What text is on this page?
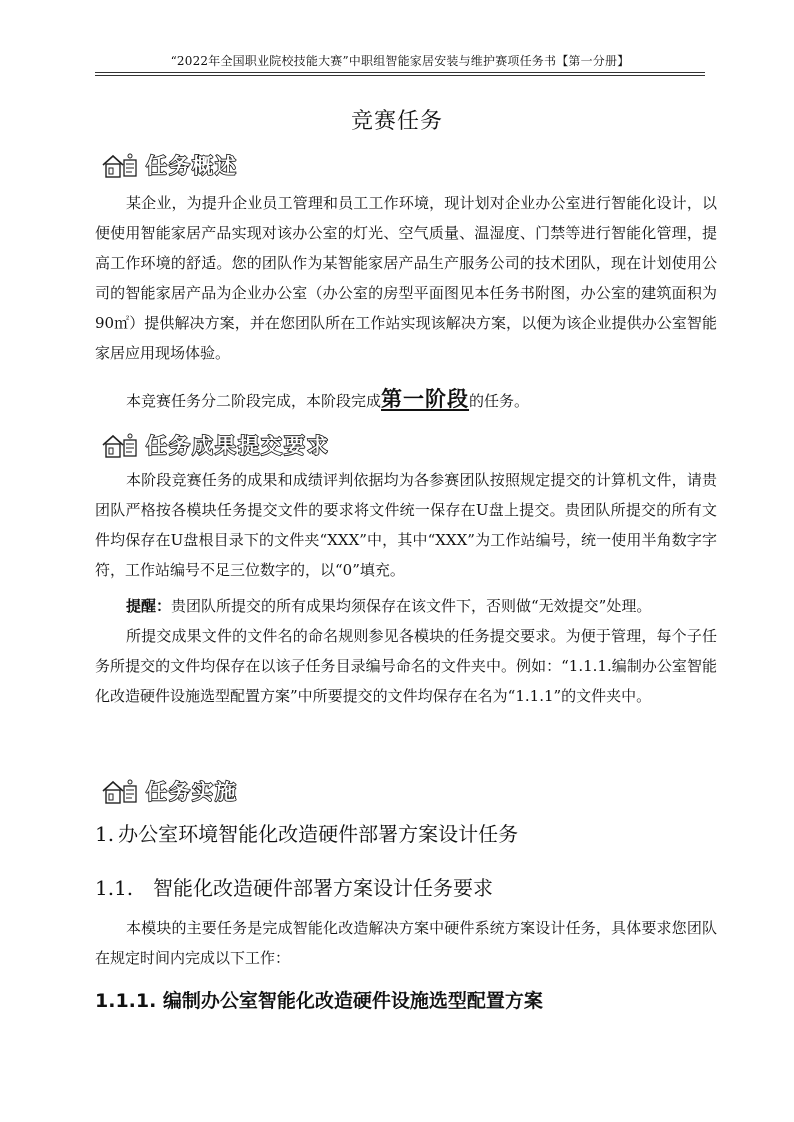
“2022年全国职业院校技能大赛”中职组智能家居安装与维护赛项任务书【第一分册】
竞赛任务
任务概述

某企业，为提升企业员工管理和员工工作环境，现计划对企业办公室进行智能化设计，以便使用智能家居产品实现对该办公室的灯光、空气质量、温湿度、门禁等进行智能化管理，提高工作环境的舒适。您的团队作为某智能家居产品生产服务公司的技术团队，现在计划使用公司的智能家居产品为企业办公室（办公室的房型平面图见本任务书附图，办公室的建筑面积为90㎡）提供解决方案，并在您团队所在工作站实现该解决方案，以便为该企业提供办公室智能家居应用现场体验。

本竞赛任务分二阶段完成，本阶段完成第一阶段的任务。

任务成果提交要求

本阶段竞赛任务的成果和成绩评判依据均为各参赛团队按照规定提交的计算机文件，请贵团队严格按各模块任务提交文件的要求将文件统一保存在U盘上提交。贵团队所提交的所有文件均保存在U盘根目录下的文件夹“XXX”中，其中“XXX”为工作站编号，统一使用半角数字字符，工作站编号不足三位数字的，以“0”填充。

提醒：贵团队所提交的所有成果均须保存在该文件下，否则做“无效提交”处理。

所提交成果文件的文件名的命名规则参见各模块的任务提交要求。为便于管理，每个子任务所提交的文件均保存在以该子任务目录编号命名的文件夹中。例如：“1.1.1.编制办公室智能化改造硬件设施选型配置方案”中所要提交的文件均保存在名为“1.1.1”的文件夹中。

任务实施
1. 办公室环境智能化改造硬件部署方案设计任务
1.1. 智能化改造硬件部署方案设计任务要求

本模块的主要任务是完成智能化改造解决方案中硬件系统方案设计任务，具体要求您团队在规定时间内完成以下工作：

1.1.1. 编制办公室智能化改造硬件设施选型配置方案
